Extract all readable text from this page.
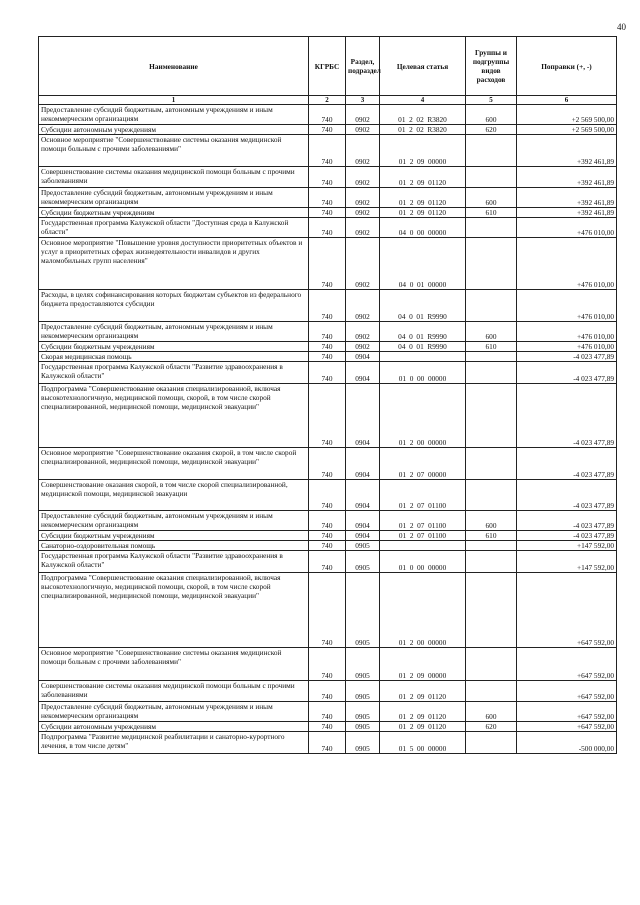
40
Наименование	КГРБС	Раздел, подраздел	Целевая статья	Группы и подгруппы видов расходов	Поправки (+, -)
1	2	3	4	5	6
Предоставление субсидий бюджетным, автономным учреждениям и иным некоммерческим организациям	740	0902	01  2  02  R3820	600	+2 569 500,00
Субсидии автономным учреждениям	740	0902	01  2  02  R3820	620	+2 569 500,00
Основное мероприятие "Совершенствование системы оказания медицинской помощи больным с прочими заболеваниями"	740	0902	01  2  09  00000		+392 461,89
Совершенствование системы оказания медицинской помощи больным с прочими заболеваниями	740	0902	01  2  09  01120		+392 461,89
Предоставление субсидий бюджетным, автономным учреждениям и иным некоммерческим организациям	740	0902	01  2  09  01120	600	+392 461,89
Субсидии бюджетным учреждениям	740	0902	01  2  09  01120	610	+392 461,89
Государственная программа Калужской области "Доступная среда в Калужской области"	740	0902	04  0  00  00000		+476 010,00
Основное мероприятие "Повышение уровня доступности приоритетных объектов и услуг в приоритетных сферах жизнедеятельности инвалидов и других маломобильных групп населения"	740	0902	04  0  01  00000		+476 010,00
Расходы, в целях софинансирования которых бюджетам субъектов из федерального бюджета предоставляются субсидии	740	0902	04  0  01  R9990		+476 010,00
Предоставление субсидий бюджетным, автономным учреждениям и иным некоммерческим организациям	740	0902	04  0  01  R9990	600	+476 010,00
Субсидии бюджетным учреждениям	740	0902	04  0  01  R9990	610	+476 010,00
Скорая медицинская помощь	740	0904			-4 023 477,89
Государственная программа Калужской области "Развитие здравоохранения в Калужской области"	740	0904	01  0  00  00000		-4 023 477,89
Подпрограмма "Совершенствование оказания специализированной, включая высокотехнологичную, медицинской помощи, скорой, в том числе скорой специализированной, медицинской помощи, медицинской эвакуации"	740	0904	01  2  00  00000		-4 023 477,89
Основное мероприятие "Совершенствование оказания скорой, в том числе скорой специализированной, медицинской помощи, медицинской эвакуации"	740	0904	01  2  07  00000		-4 023 477,89
Совершенствование оказания скорой, в том числе скорой специализированной, медицинской помощи, медицинской эвакуации	740	0904	01  2  07  01100		-4 023 477,89
Предоставление субсидий бюджетным, автономным учреждениям и иным некоммерческим организациям	740	0904	01  2  07  01100	600	-4 023 477,89
Субсидии бюджетным учреждениям	740	0904	01  2  07  01100	610	-4 023 477,89
Санаторно-оздоровительная помощь	740	0905			+147 592,00
Государственная программа Калужской области "Развитие здравоохранения в Калужской области"	740	0905	01  0  00  00000		+147 592,00
Подпрограмма "Совершенствование оказания специализированной, включая высокотехнологичную, медицинской помощи, скорой, в том числе скорой специализированной, медицинской помощи, медицинской эвакуации"	740	0905	01  2  00  00000		+647 592,00
Основное мероприятие "Совершенствование системы оказания медицинской помощи больным с прочими заболеваниями"	740	0905	01  2  09  00000		+647 592,00
Совершенствование системы оказания медицинской помощи больным с прочими заболеваниями	740	0905	01  2  09  01120		+647 592,00
Предоставление субсидий бюджетным, автономным учреждениям и иным некоммерческим организациям	740	0905	01  2  09  01120	600	+647 592,00
Субсидии автономным учреждениям	740	0905	01  2  09  01120	620	+647 592,00
Подпрограмма "Развитие медицинской реабилитации и санаторно-курортного лечения, в том числе детям"	740	0905	01  5  00  00000		-500 000,00
